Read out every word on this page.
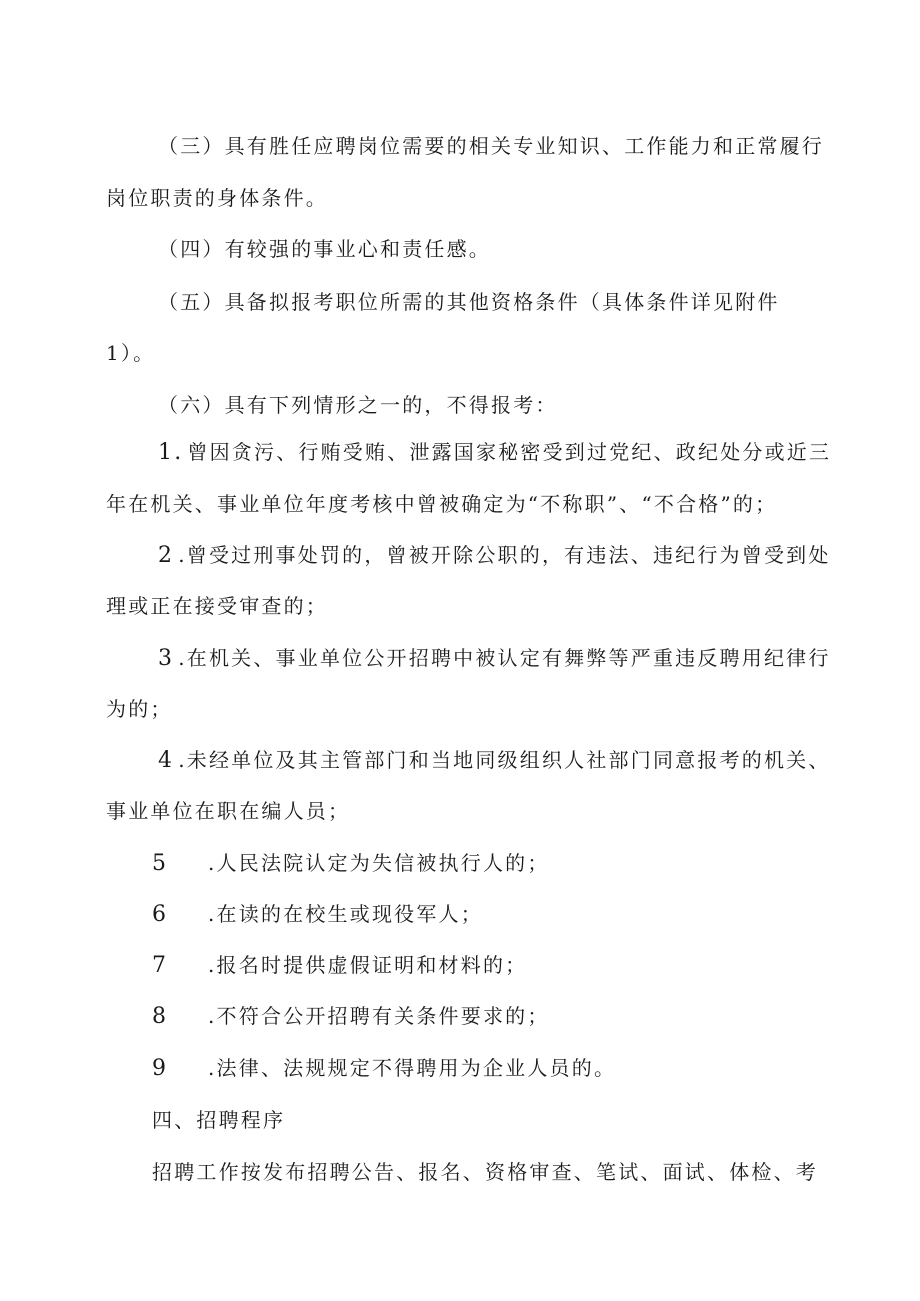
（三）具有胜任应聘岗位需要的相关专业知识、工作能力和正常履行
岗位职责的身体条件。
（四）有较强的事业心和责任感。
（五）具备拟报考职位所需的其他资格条件（具体条件详见附件
1）。
（六）具有下列情形之一的，不得报考：
1. 曾因贪污、行贿受贿、泄露国家秘密受到过党纪、政纪处分或近三
年在机关、事业单位年度考核中曾被确定为“不称职”、“不合格”的；
2 .曾受过刑事处罚的，曾被开除公职的，有违法、违纪行为曾受到处
理或正在接受审查的；
3 .在机关、事业单位公开招聘中被认定有舞弊等严重违反聘用纪律行
为的；
4 .未经单位及其主管部门和当地同级组织人社部门同意报考的机关、
事业单位在职在编人员；
5 .人民法院认定为失信被执行人的；
6 .在读的在校生或现役军人；
7 .报名时提供虚假证明和材料的；
8 .不符合公开招聘有关条件要求的；
9 .法律、法规规定不得聘用为企业人员的。
四、招聘程序
招聘工作按发布招聘公告、报名、资格审查、笔试、面试、体检、考
